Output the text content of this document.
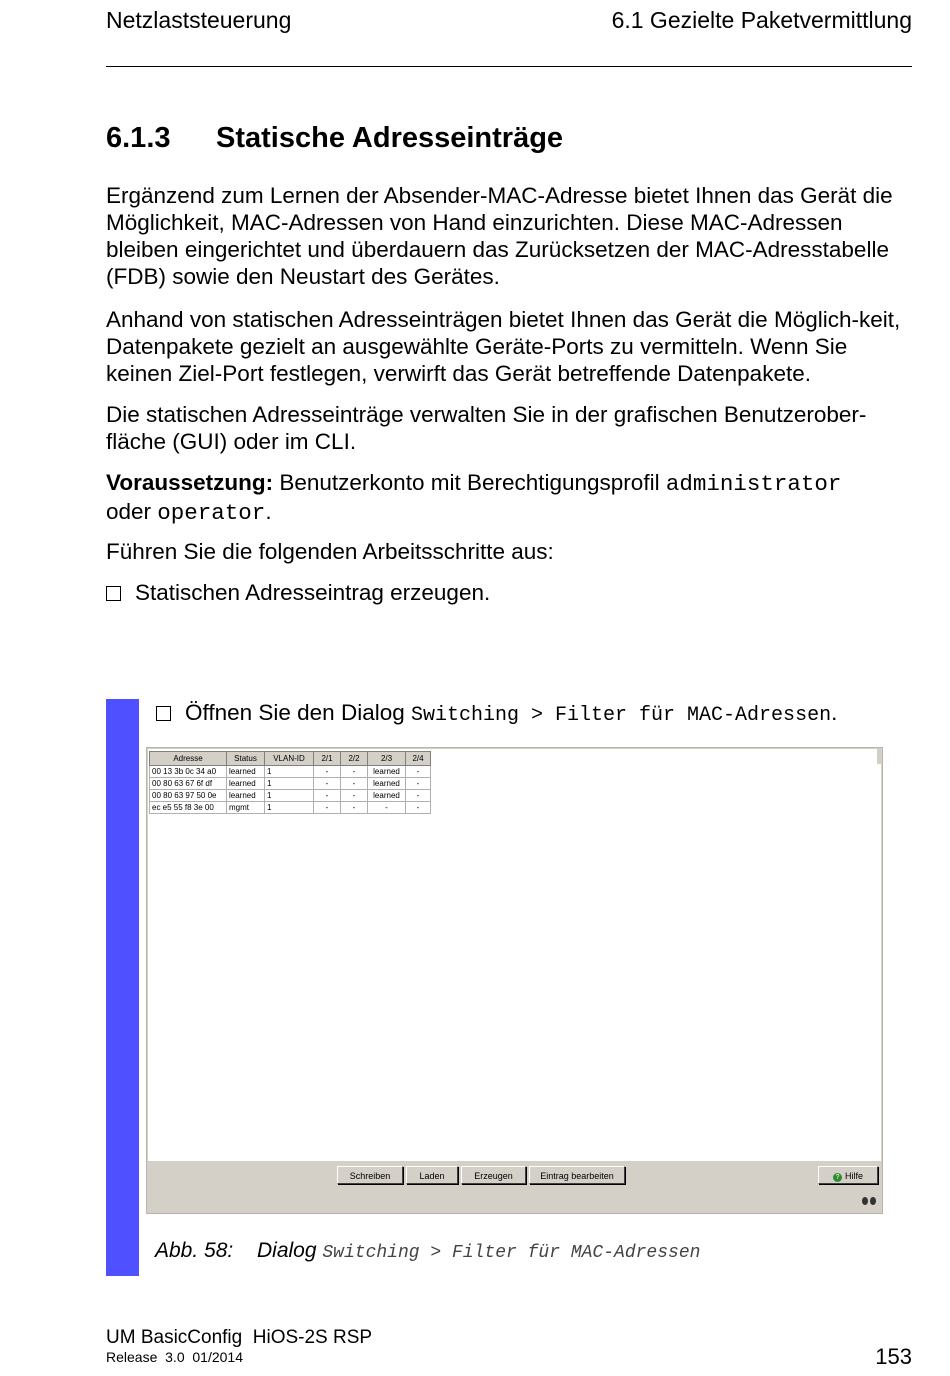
Netzlaststeuerung	6.1 Gezielte Paketvermittlung
6.1.3 Statische Adresseinträge

Ergänzend zum Lernen der Absender-MAC-Adresse bietet Ihnen das Gerät die Möglichkeit, MAC-Adressen von Hand einzurichten. Diese MAC-Adressen bleiben eingerichtet und überdauern das Zurücksetzen der MAC-Adresstabelle (FDB) sowie den Neustart des Gerätes.

Anhand von statischen Adresseinträgen bietet Ihnen das Gerät die Möglich-keit, Datenpakete gezielt an ausgewählte Geräte-Ports zu vermitteln. Wenn Sie keinen Ziel-Port festlegen, verwirft das Gerät betreffende Datenpakete.

Die statischen Adresseinträge verwalten Sie in der grafischen Benutzerober-fläche (GUI) oder im CLI.

Voraussetzung: Benutzerkonto mit Berechtigungsprofil administrator
oder operator.

Führen Sie die folgenden Arbeitsschritte aus:

Statischen Adresseintrag erzeugen.

Öffnen Sie den Dialog Switching > Filter für MAC-Adressen.
Adresse	Status	VLAN-ID	2/1	2/2	2/3	2/4
00 13 3b 0c 34 a0	learned	1	-	-	learned	-
00 80 63 67 6f df	learned	1	-	-	learned	-
00 80 63 97 50 0e	learned	1	-	-	learned	-
ec e5 55 f8 3e 00	mgmt	1	-	-	-	-
Schreiben	Laden	Erzeugen	Eintrag bearbeiten	? Hilfe
Abb. 58: Dialog Switching > Filter für MAC-Adressen
UM BasicConfig  HiOS-2S RSP
Release  3.0  01/2014	153
